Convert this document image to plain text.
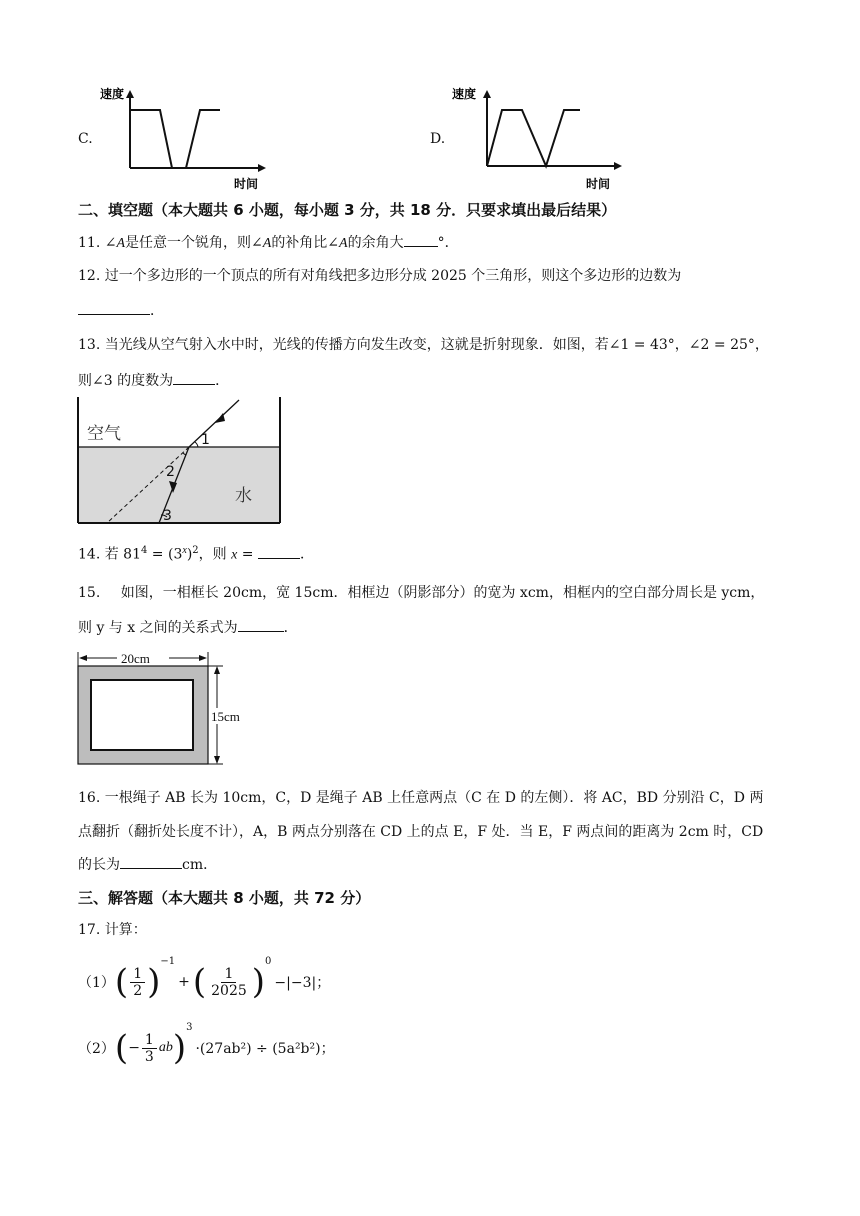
C.
速度
时间
D.
速度
时间
二、填空题（本大题共 6 小题，每小题 3 分，共 18 分．只要求填出最后结果）
11. ∠A是任意一个锐角，则∠A的补角比∠A的余角大 °．
12. 过一个多边形的一个顶点的所有对角线把多边形分成 2025 个三角形，则这个多边形的边数为
．
13. 当光线从空气射入水中时，光线的传播方向发生改变，这就是折射现象．如图，若∠1 = 43°，∠2 = 25°，
则∠3 的度数为	．
空气
水
1
2
3
14. 若 $81^4 = (3^x)^2$，则 x =	．
15. 如图，一相框长 20cm，宽 15cm．相框边（阴影部分）的宽为 xcm，相框内的空白部分周长是 ycm，
则 y 与 x 之间的关系式为	．
20cm
15cm
16. 一根绳子 AB 长为 10cm，C，D 是绳子 AB 上任意两点（C 在 D 的左侧）．将 AC，BD 分别沿 C，D 两
点翻折（翻折处长度不计），A，B 两点分别落在 CD 上的点 E，F 处．当 E，F 两点间的距离为 2cm 时，CD
的长为	cm．
三、解答题（本大题共 8 小题，共 72 分）
17. 计算：
（1） ( $\frac{1}{2}$ )
$^{-1}$
+ ( $\frac{1}{2025}$ )
$^0$
−|−3|；
（2） ( − $\frac{1}{3}$ ab )
$^3$
·(27ab²) ÷ (5a²b²)；
